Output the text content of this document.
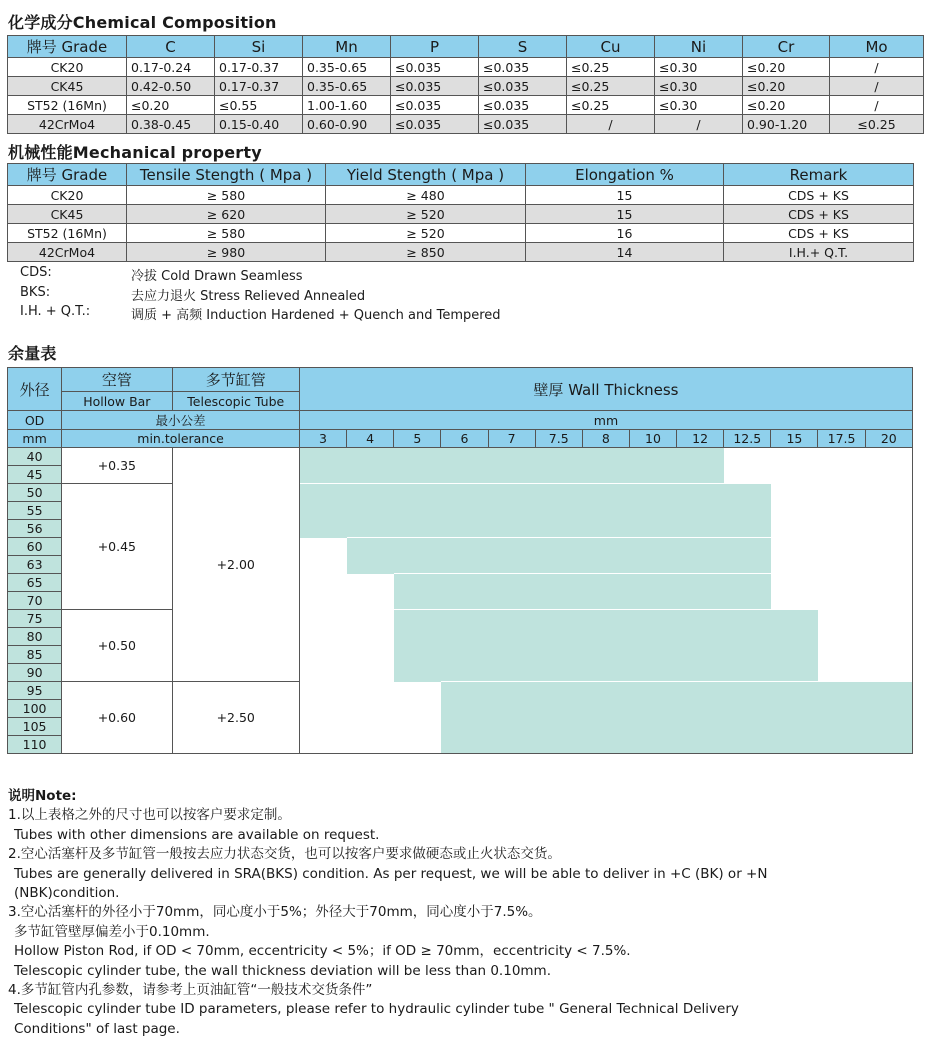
化学成分Chemical Composition
牌号 Grade	C	Si	Mn	P	S	Cu	Ni	Cr	Mo
CK20	0.17-0.24	0.17-0.37	0.35-0.65	≤0.035	≤0.035	≤0.25	≤0.30	≤0.20	/
CK45	0.42-0.50	0.17-0.37	0.35-0.65	≤0.035	≤0.035	≤0.25	≤0.30	≤0.20	/
ST52 (16Mn)	≤0.20	≤0.55	1.00-1.60	≤0.035	≤0.035	≤0.25	≤0.30	≤0.20	/
42CrMo4	0.38-0.45	0.15-0.40	0.60-0.90	≤0.035	≤0.035	/	/	0.90-1.20	≤0.25
机械性能Mechanical property
牌号 Grade	Tensile Stength ( Mpa )	Yield Stength ( Mpa )	Elongation %	Remark
CK20	≥ 580	≥ 480	15	CDS + KS
CK45	≥ 620	≥ 520	15	CDS + KS
ST52 (16Mn)	≥ 580	≥ 520	16	CDS + KS
42CrMo4	≥ 980	≥ 850	14	I.H.+ Q.T.
CDS:	冷拔 Cold Drawn Seamless
BKS:	去应力退火 Stress Relieved Annealed
I.H. + Q.T.:	调质 + 高频 Induction Hardened + Quench and Tempered
余量表
外径	空管	多节缸管	壁厚 Wall Thickness												
	Hollow Bar	Telescopic Tube													
OD	最小公差		mm												
mm	min.tolerance		3	4	5	6	7	7.5	8	10	12	12.5	15	17.5	20
40	+0.35	+2.00													
45															
50	+0.45														
55															
56															
60															
63															
65															
70															
75	+0.50														
80															
85															
90															
95	+0.60	+2.50													
100															
105															
110															
说明Note:
1.以上表格之外的尺寸也可以按客户要求定制。
Tubes with other dimensions are available on request.
2.空心活塞杆及多节缸管一般按去应力状态交货，也可以按客户要求做硬态或止火状态交货。
Tubes are generally delivered in SRA(BKS) condition. As per request, we will be able to deliver in +C (BK) or +N
(NBK)condition.
3.空心活塞杆的外径小于70mm，同心度小于5%；外径大于70mm，同心度小于7.5%。
多节缸管壁厚偏差小于0.10mm.
Hollow Piston Rod, if OD < 70mm, eccentricity < 5%；if OD ≥ 70mm，eccentricity < 7.5%.
Telescopic cylinder tube, the wall thickness deviation will be less than 0.10mm.
4.多节缸管内孔参数，请参考上页油缸管“一般技术交货条件”
Telescopic cylinder tube ID parameters, please refer to hydraulic cylinder tube " General Technical Delivery
Conditions" of last page.
